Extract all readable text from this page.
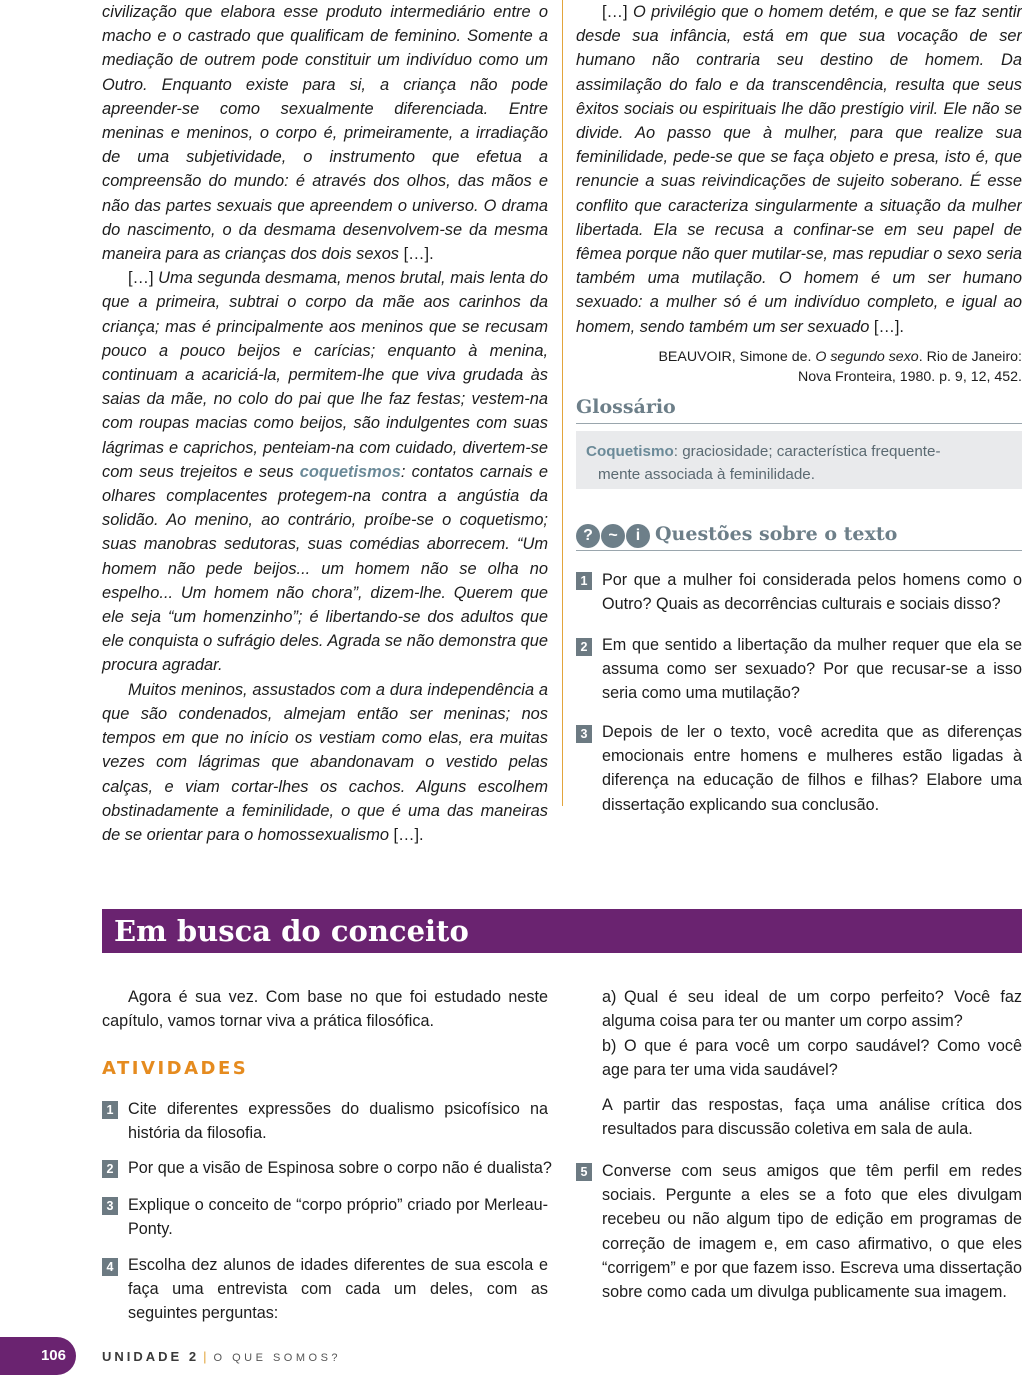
civilização que elabora esse produto intermediário entre o macho e o castrado que qualificam de feminino. Somente a mediação de outrem pode constituir um indivíduo como um Outro. Enquanto existe para si, a criança não pode apreender-se como sexualmente diferenciada. Entre meninas e meninos, o corpo é, primeiramente, a irradiação de uma subjetividade, o instrumento que efetua a compreensão do mundo: é através dos olhos, das mãos e não das partes sexuais que apreendem o universo. O drama do nascimento, o da desmama desenvolvem-se da mesma maneira para as crianças dos dois sexos […].

[…] Uma segunda desmama, menos brutal, mais lenta do que a primeira, subtrai o corpo da mãe aos carinhos da criança; mas é principalmente aos meninos que se recusam pouco a pouco beijos e carícias; enquanto à menina, continuam a acariciá-la, permitem-lhe que viva grudada às saias da mãe, no colo do pai que lhe faz festas; vestem-na com roupas macias como beijos, são indulgentes com suas lágrimas e caprichos, penteiam-na com cuidado, divertem-se com seus trejeitos e seus coquetismos: contatos carnais e olhares complacentes protegem-na contra a angústia da solidão. Ao menino, ao contrário, proíbe-se o coquetismo; suas manobras sedutoras, suas comédias aborrecem. “Um homem não pede beijos... um homem não se olha no espelho... Um homem não chora”, dizem-lhe. Querem que ele seja “um homenzinho”; é libertando-se dos adultos que ele conquista o sufrágio deles. Agrada se não demonstra que procura agradar.

Muitos meninos, assustados com a dura independência a que são condenados, almejam então ser meninas; nos tempos em que no início os vestiam como elas, era muitas vezes com lágrimas que abandonavam o vestido pelas calças, e viam cortar-lhes os cachos. Alguns escolhem obstinadamente a feminilidade, o que é uma das maneiras de se orientar para o homossexualismo […].

[…] O privilégio que o homem detém, e que se faz sentir desde sua infância, está em que sua vocação de ser humano não contraria seu destino de homem. Da assimilação do falo e da transcendência, resulta que seus êxitos sociais ou espirituais lhe dão prestígio viril. Ele não se divide. Ao passo que à mulher, para que realize sua feminilidade, pede-se que se faça objeto e presa, isto é, que renuncie a suas reivindicações de sujeito soberano. É esse conflito que caracteriza singularmente a situação da mulher libertada. Ela se recusa a confinar-se em seu papel de fêmea porque não quer mutilar-se, mas repudiar o sexo seria também uma mutilação. O homem é um ser humano sexuado: a mulher só é um indivíduo completo, e igual ao homem, sendo também um ser sexuado […].

BEAUVOIR, Simone de. O segundo sexo. Rio de Janeiro:
Nova Fronteira, 1980. p. 9, 12, 452.
Glossário
Coquetismo: graciosidade; característica frequente-
mente associada à feminilidade.
? ~	i Questões sobre o texto
1 Por que a mulher foi considerada pelos homens como o Outro? Quais as decorrências culturais e sociais disso?
2 Em que sentido a libertação da mulher requer que ela se assuma como ser sexuado? Por que recusar-se a isso seria como uma mutilação?
3 Depois de ler o texto, você acredita que as diferenças emocionais entre homens e mulheres estão ligadas à diferença na educação de filhos e filhas? Elabore uma dissertação explicando sua conclusão.
Em busca do conceito

Agora é sua vez. Com base no que foi estudado neste capítulo, vamos tornar viva a prática filosófica.

ATIVIDADES
1 Cite diferentes expressões do dualismo psicofísico na história da filosofia.
2 Por que a visão de Espinosa sobre o corpo não é dualista?
3 Explique o conceito de “corpo próprio” criado por Merleau-Ponty.
4 Escolha dez alunos de idades diferentes de sua escola e faça uma entrevista com cada um deles, com as seguintes perguntas:
a) Qual é seu ideal de um corpo perfeito? Você faz alguma coisa para ter ou manter um corpo assim?
b) O que é para você um corpo saudável? Como você age para ter uma vida saudável?
A partir das respostas, faça uma análise crítica dos resultados para discussão coletiva em sala de aula.
5 Converse com seus amigos que têm perfil em redes sociais. Pergunte a eles se a foto que eles divulgam recebeu ou não algum tipo de edição em programas de correção de imagem e, em caso afirmativo, o que eles “corrigem” e por que fazem isso. Escreva uma dissertação sobre como cada um divulga publicamente sua imagem.
106	UNIDADE 2 | O QUE SOMOS?
